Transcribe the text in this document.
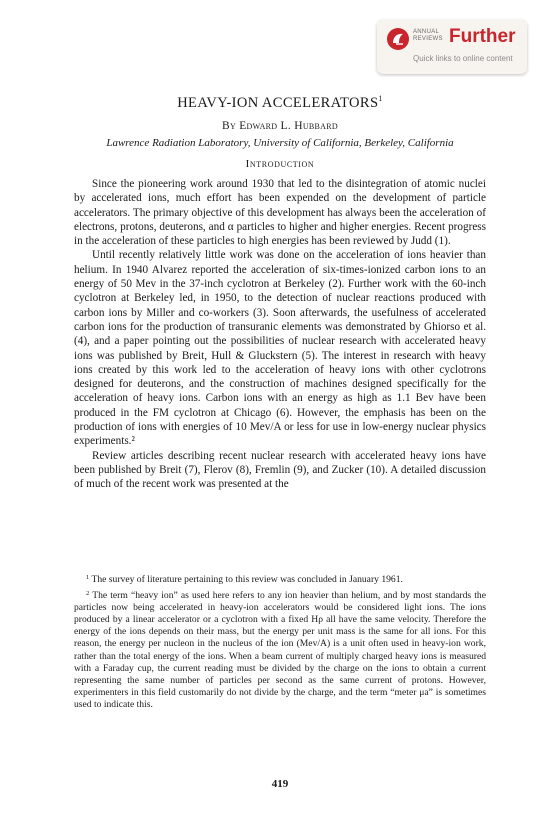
ANNUAL
REVIEWS Further
Quick links to online content
HEAVY-ION ACCELERATORS$^1$
By Edward L. Hubbard
Lawrence Radiation Laboratory, University of California, Berkeley, California
Introduction

Since the pioneering work around 1930 that led to the disintegration of atomic nuclei by accelerated ions, much effort has been expended on the development of particle accelerators. The primary objective of this development has always been the acceleration of electrons, protons, deuterons, and α particles to higher and higher energies. Recent progress in the acceleration of these particles to high energies has been reviewed by Judd (1).

Until recently relatively little work was done on the acceleration of ions heavier than helium. In 1940 Alvarez reported the acceleration of six-times-ionized carbon ions to an energy of 50 Mev in the 37-inch cyclotron at Berkeley (2). Further work with the 60-inch cyclotron at Berkeley led, in 1950, to the detection of nuclear reactions produced with carbon ions by Miller and co-workers (3). Soon afterwards, the usefulness of accelerated carbon ions for the production of transuranic elements was demonstrated by Ghiorso et al. (4), and a paper pointing out the possibilities of nuclear research with accelerated heavy ions was published by Breit, Hull & Gluckstern (5). The interest in research with heavy ions created by this work led to the acceleration of heavy ions with other cyclotrons designed for deuterons, and the construction of machines designed specifically for the acceleration of heavy ions. Carbon ions with an energy as high as 1.1 Bev have been produced in the FM cyclotron at Chicago (6). However, the emphasis has been on the production of ions with energies of 10 Mev/A or less for use in low-energy nuclear physics experiments.²

Review articles describing recent nuclear research with accelerated heavy ions have been published by Breit (7), Flerov (8), Fremlin (9), and Zucker (10). A detailed discussion of much of the recent work was presented at the

$^1$ The survey of literature pertaining to this review was concluded in January 1961.

$^2$ The term “heavy ion” as used here refers to any ion heavier than helium, and by most standards the particles now being accelerated in heavy-ion accelerators would be considered light ions. The ions produced by a linear accelerator or a cyclotron with a fixed Hρ all have the same velocity. Therefore the energy of the ions depends on their mass, but the energy per unit mass is the same for all ions. For this reason, the energy per nucleon in the nucleus of the ion (Mev/A) is a unit often used in heavy-ion work, rather than the total energy of the ions. When a beam current of multiply charged heavy ions is measured with a Faraday cup, the current reading must be divided by the charge on the ions to obtain a current representing the same number of particles per second as the same current of protons. However, experimenters in this field customarily do not divide by the charge, and the term “meter μa” is sometimes used to indicate this.

419
